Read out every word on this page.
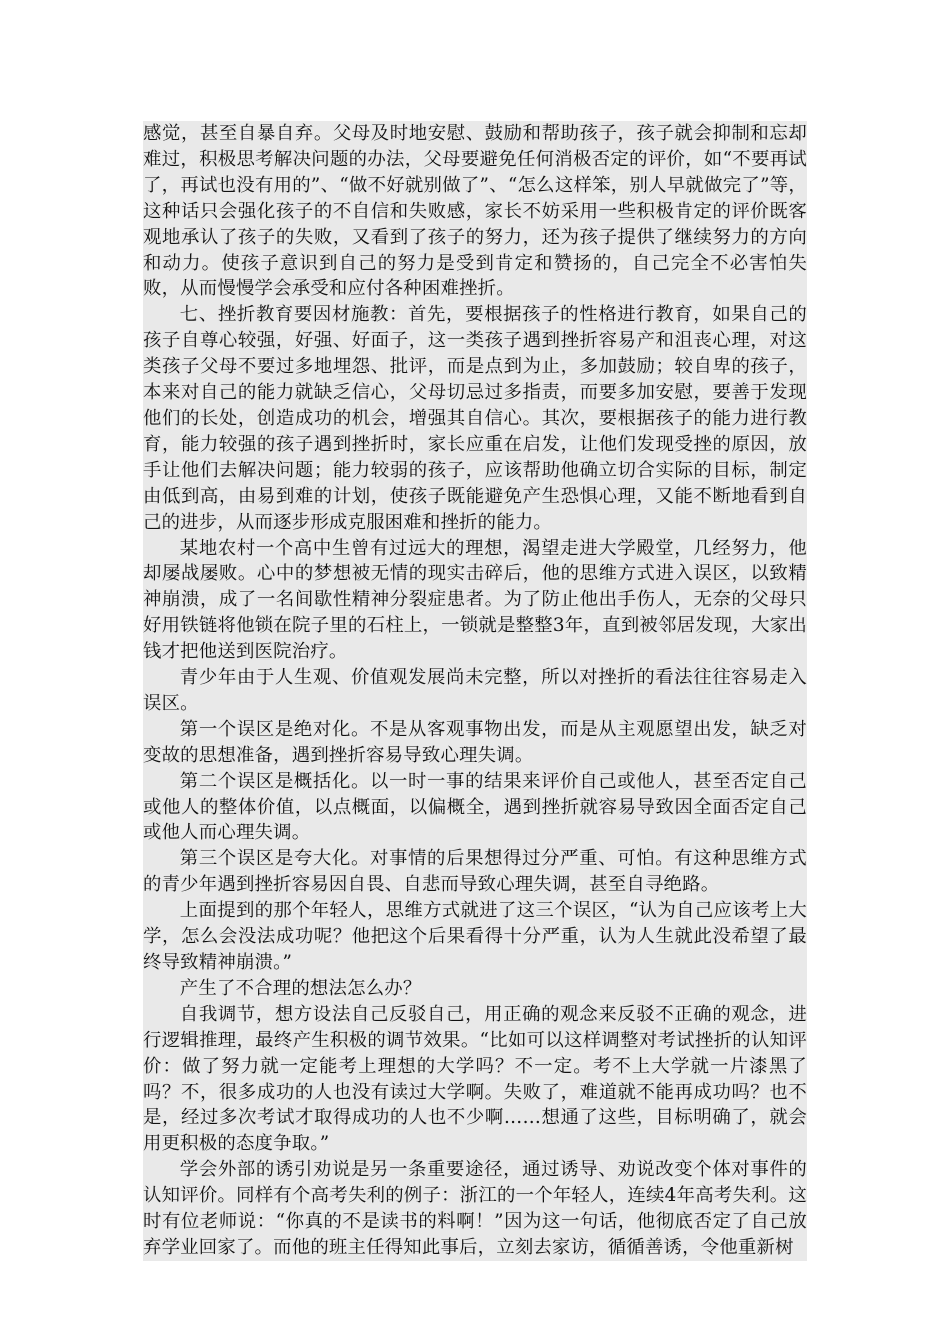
感觉，甚至自暴自弃。父母及时地安慰、鼓励和帮助孩子，孩子就会抑制和忘却难过，积极思考解决问题的办法，父母要避免任何消极否定的评价，如“不要再试了，再试也没有用的”、“做不好就别做了”、“怎么这样笨，别人早就做完了”等，这种话只会强化孩子的不自信和失败感，家长不妨采用一些积极肯定的评价既客观地承认了孩子的失败，又看到了孩子的努力，还为孩子提供了继续努力的方向和动力。使孩子意识到自己的努力是受到肯定和赞扬的，自己完全不必害怕失败，从而慢慢学会承受和应付各种困难挫折。

七、挫折教育要因材施教：首先，要根据孩子的性格进行教育，如果自己的孩子自尊心较强，好强、好面子，这一类孩子遇到挫折容易产和沮丧心理，对这类孩子父母不要过多地埋怨、批评，而是点到为止，多加鼓励；较自卑的孩子，本来对自己的能力就缺乏信心，父母切忌过多指责，而要多加安慰，要善于发现他们的长处，创造成功的机会，增强其自信心。其次，要根据孩子的能力进行教育，能力较强的孩子遇到挫折时，家长应重在启发，让他们发现受挫的原因，放手让他们去解决问题；能力较弱的孩子，应该帮助他确立切合实际的目标，制定由低到高，由易到难的计划，使孩子既能避免产生恐惧心理，又能不断地看到自己的进步，从而逐步形成克服困难和挫折的能力。

某地农村一个高中生曾有过远大的理想，渴望走进大学殿堂，几经努力，他却屡战屡败。心中的梦想被无情的现实击碎后，他的思维方式进入误区，以致精神崩溃，成了一名间歇性精神分裂症患者。为了防止他出手伤人，无奈的父母只好用铁链将他锁在院子里的石柱上，一锁就是整整3年，直到被邻居发现，大家出钱才把他送到医院治疗。

青少年由于人生观、价值观发展尚未完整，所以对挫折的看法往往容易走入误区。

第一个误区是绝对化。不是从客观事物出发，而是从主观愿望出发，缺乏对变故的思想准备，遇到挫折容易导致心理失调。

第二个误区是概括化。以一时一事的结果来评价自己或他人，甚至否定自己或他人的整体价值，以点概面，以偏概全，遇到挫折就容易导致因全面否定自己或他人而心理失调。

第三个误区是夸大化。对事情的后果想得过分严重、可怕。有这种思维方式的青少年遇到挫折容易因自畏、自悲而导致心理失调，甚至自寻绝路。

上面提到的那个年轻人，思维方式就进了这三个误区，“认为自己应该考上大学，怎么会没法成功呢？他把这个后果看得十分严重，认为人生就此没希望了最终导致精神崩溃。”

产生了不合理的想法怎么办？

自我调节，想方设法自己反驳自己，用正确的观念来反驳不正确的观念，进行逻辑推理，最终产生积极的调节效果。“比如可以这样调整对考试挫折的认知评价：做了努力就一定能考上理想的大学吗？不一定。考不上大学就一片漆黑了吗？不，很多成功的人也没有读过大学啊。失败了，难道就不能再成功吗？也不是，经过多次考试才取得成功的人也不少啊……想通了这些，目标明确了，就会用更积极的态度争取。”

学会外部的诱引劝说是另一条重要途径，通过诱导、劝说改变个体对事件的认知评价。同样有个高考失利的例子：浙江的一个年轻人，连续4年高考失利。这时有位老师说：“你真的不是读书的料啊！”因为这一句话，他彻底否定了自己放弃学业回家了。而他的班主任得知此事后，立刻去家访，循循善诱，令他重新树
